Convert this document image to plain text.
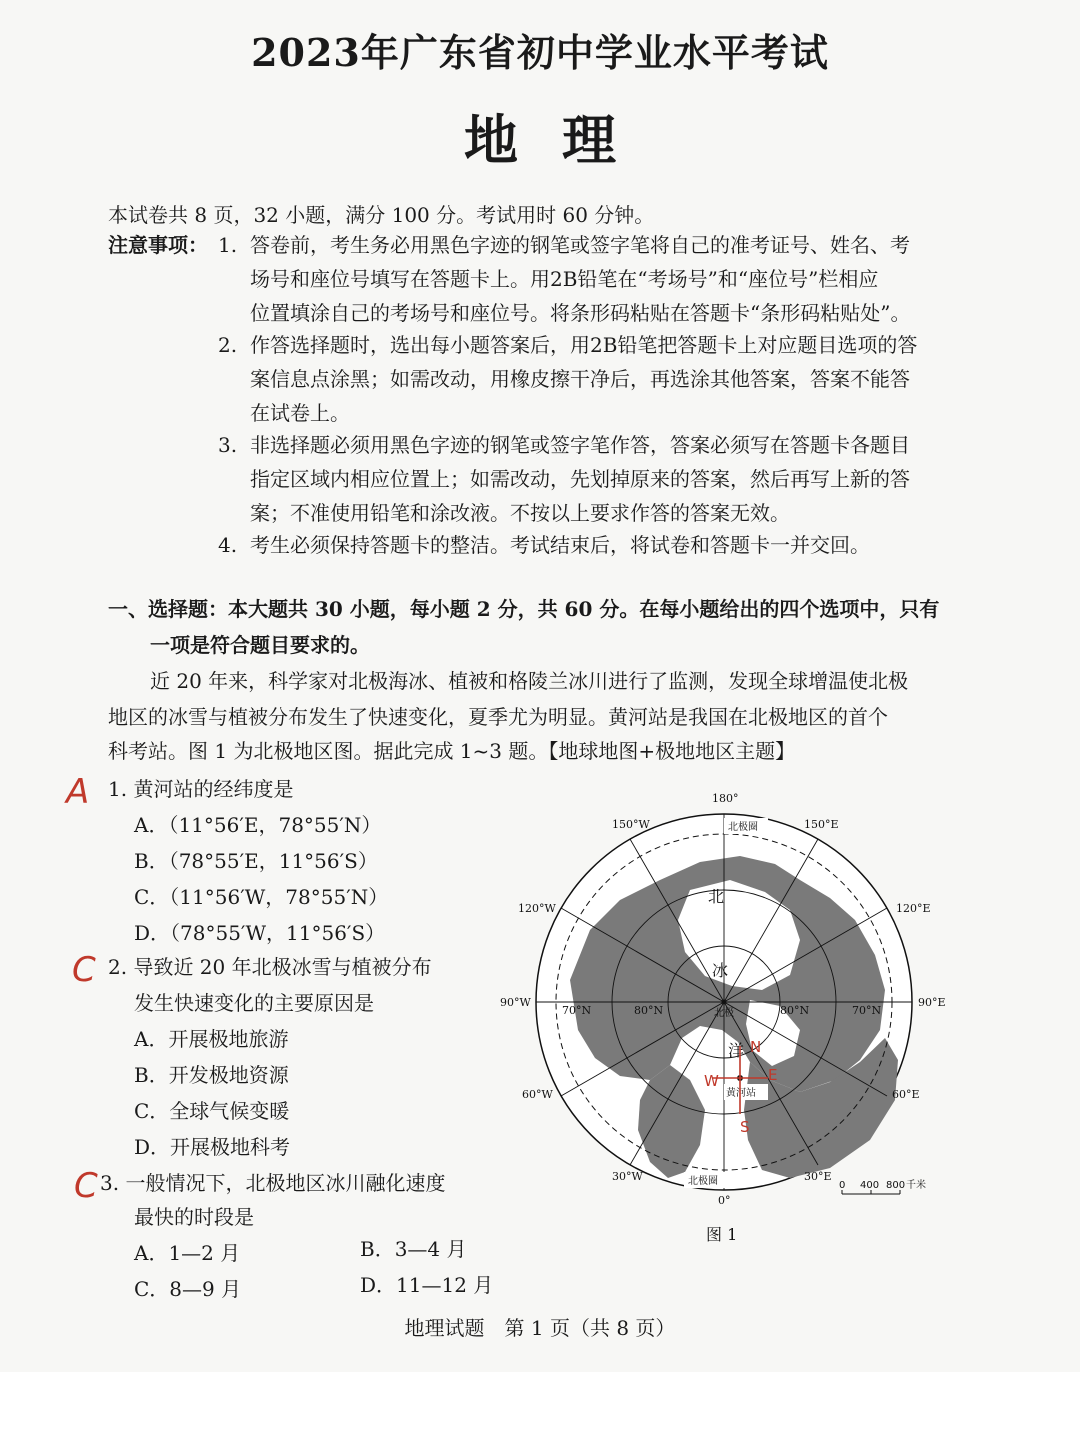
2023年广东省初中学业水平考试
地理
本试卷共 8 页，32 小题，满分 100 分。考试用时 60 分钟。
注意事项： 1. 答卷前，考生务必用黑色字迹的钢笔或签字笔将自己的准考证号、姓名、考
场号和座位号填写在答题卡上。用2B铅笔在“考场号”和“座位号”栏相应
位置填涂自己的考场号和座位号。将条形码粘贴在答题卡“条形码粘贴处”。
2. 作答选择题时，选出每小题答案后，用2B铅笔把答题卡上对应题目选项的答
案信息点涂黑；如需改动，用橡皮擦干净后，再选涂其他答案，答案不能答
在试卷上。
3. 非选择题必须用黑色字迹的钢笔或签字笔作答，答案必须写在答题卡各题目
指定区域内相应位置上；如需改动，先划掉原来的答案，然后再写上新的答
案；不准使用铅笔和涂改液。不按以上要求作答的答案无效。
4. 考生必须保持答题卡的整洁。考试结束后，将试卷和答题卡一并交回。
一、选择题：本大题共 30 小题，每小题 2 分，共 60 分。在每小题给出的四个选项中，只有
一项是符合题目要求的。
近 20 年来，科学家对北极海冰、植被和格陵兰冰川进行了监测，发现全球增温使北极
地区的冰雪与植被分布发生了快速变化，夏季尤为明显。黄河站是我国在北极地区的首个
科考站。图 1 为北极地区图。据此完成 1~3 题。【地球地图+极地地区主题】
A 1. 黄河站的经纬度是
A．（11°56′E，78°55′N）
B．（78°55′E，11°56′S）
C．（11°56′W，78°55′N）
D．（78°55′W，11°56′S）
C 2. 导致近 20 年北极冰雪与植被分布
发生快速变化的主要原因是
A．开展极地旅游
B．开发极地资源
C．全球气候变暖
D．开展极地科考
C 3. 一般情况下，北极地区冰川融化速度
最快的时段是
A．1—2 月	B．3—4 月
C．8—9 月	D．11—12 月
180°
0°
150°W	150°E
120°W	120°E
90°W	90°E
60°W	60°E
30°W	30°E
70°N	80°N	80°N	70°N
北极圈
北极圈
北极
北
冰
洋
黄河站
N
W	E
S
0 400 800 千米
图 1
地理试题　第 1 页（共 8 页）
